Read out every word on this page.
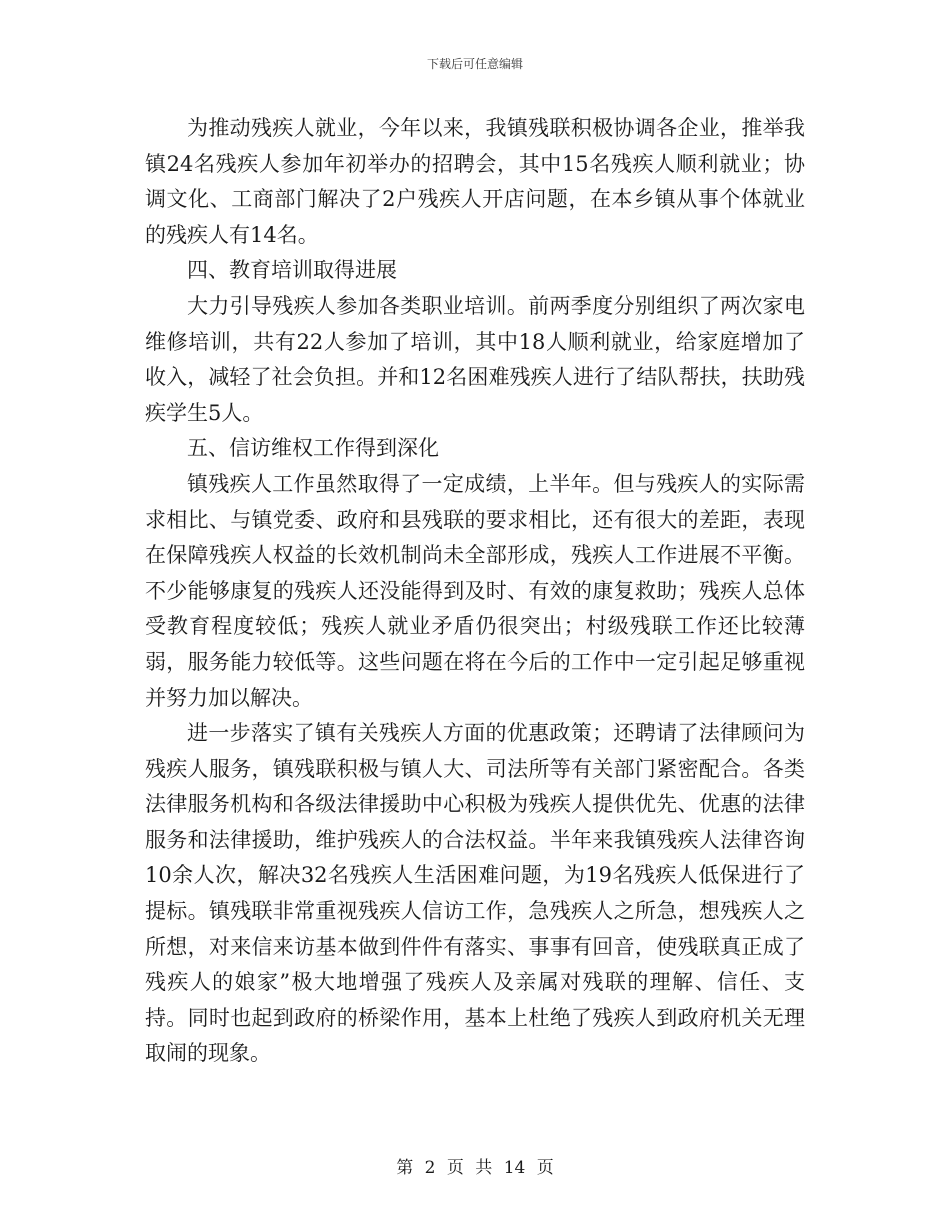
下载后可任意编辑

为推动残疾人就业，今年以来，我镇残联积极协调各企业，推举我镇24名残疾人参加年初举办的招聘会，其中15名残疾人顺利就业；协调文化、工商部门解决了2户残疾人开店问题，在本乡镇从事个体就业的残疾人有14名。

四、教育培训取得进展

大力引导残疾人参加各类职业培训。前两季度分别组织了两次家电维修培训，共有22人参加了培训，其中18人顺利就业，给家庭增加了收入，减轻了社会负担。并和12名困难残疾人进行了结队帮扶，扶助残疾学生5人。

五、信访维权工作得到深化

镇残疾人工作虽然取得了一定成绩，上半年。但与残疾人的实际需求相比、与镇党委、政府和县残联的要求相比，还有很大的差距，表现在保障残疾人权益的长效机制尚未全部形成，残疾人工作进展不平衡。不少能够康复的残疾人还没能得到及时、有效的康复救助；残疾人总体受教育程度较低；残疾人就业矛盾仍很突出；村级残联工作还比较薄弱，服务能力较低等。这些问题在将在今后的工作中一定引起足够重视并努力加以解决。

进一步落实了镇有关残疾人方面的优惠政策；还聘请了法律顾问为残疾人服务，镇残联积极与镇人大、司法所等有关部门紧密配合。各类法律服务机构和各级法律援助中心积极为残疾人提供优先、优惠的法律服务和法律援助，维护残疾人的合法权益。半年来我镇残疾人法律咨询10余人次，解决32名残疾人生活困难问题，为19名残疾人低保进行了提标。镇残联非常重视残疾人信访工作，急残疾人之所急，想残疾人之所想，对来信来访基本做到件件有落实、事事有回音，使残联真正成了残疾人的娘家”极大地增强了残疾人及亲属对残联的理解、信任、支持。同时也起到政府的桥梁作用，基本上杜绝了残疾人到政府机关无理取闹的现象。

第 2 页 共 14 页
